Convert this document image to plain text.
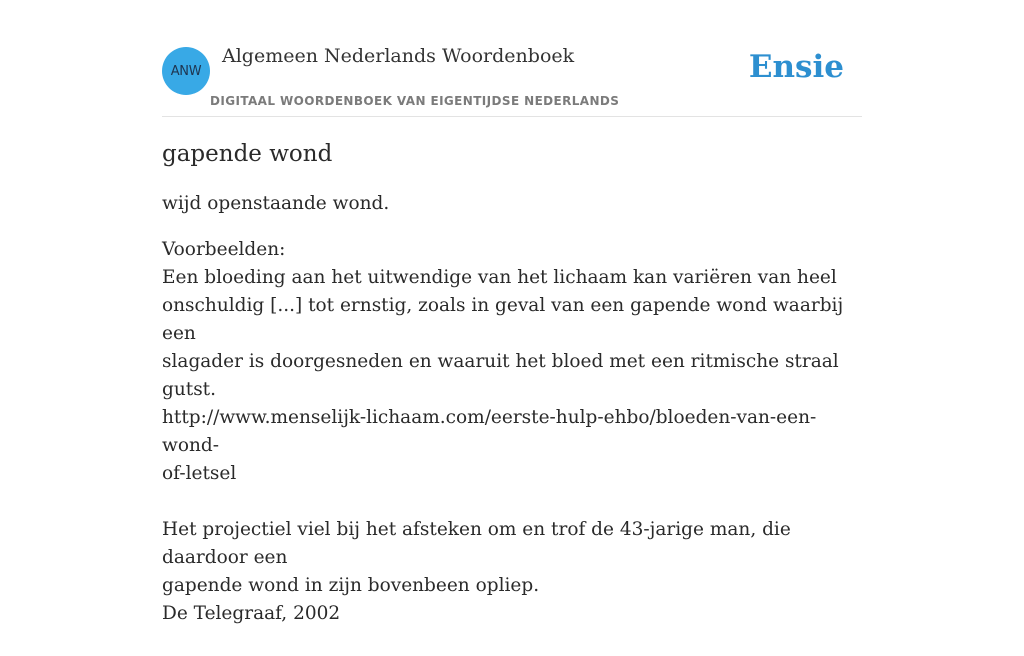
ANW
Algemeen Nederlands Woordenboek
DIGITAAL WOORDENBOEK VAN EIGENTIJDSE NEDERLANDS
Ensie
gapende wond
wijd openstaande wond.
Voorbeelden:
Een bloeding aan het uitwendige van het lichaam kan variëren van heel
onschuldig [...] tot ernstig, zoals in geval van een gapende wond waarbij een
slagader is doorgesneden en waaruit het bloed met een ritmische straal gutst.
http://www.menselijk-lichaam.com/eerste-hulp-ehbo/bloeden-van-een-wond-
of-letsel
Het projectiel viel bij het afsteken om en trof de 43-jarige man, die daardoor een
gapende wond in zijn bovenbeen opliep.
De Telegraaf, 2002
